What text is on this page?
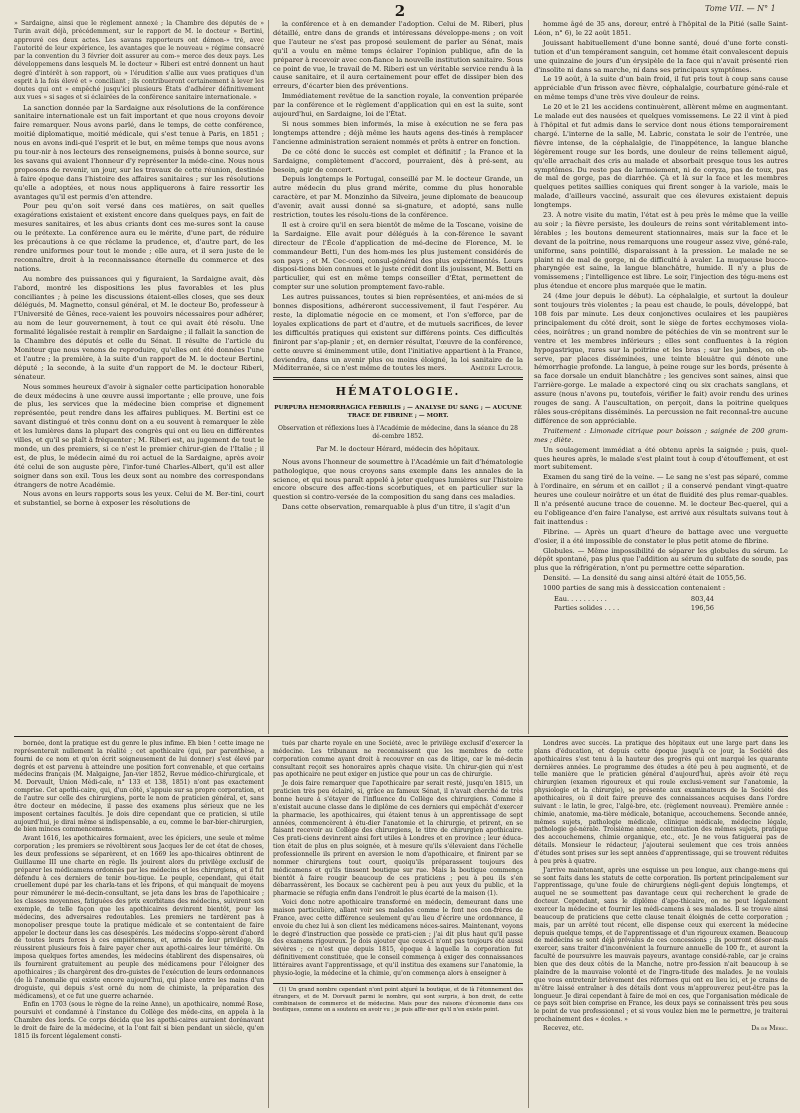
2	Tome VII. — N° 1

» Sardaigne, ainsi que le règlement annexé ; la Chambre des députés de » Turin avait déjà, précédemment, sur le rapport de M. le docteur » Bertini, approuvé ces deux actes. Les savans rapporteurs ont démon-» tré, avec l'autorité de leur expérience, les avantages que le nouveau » régime consacré par la convention du 3 février doit assurer au com-» merce des deux pays. Les développemens dans lesquels M. le docteur » Riberi est entré donnent un haut degré d'intérêt à son rapport, où » l'érudition s'allie aux vues pratiques d'un esprit à la fois élevé et » conciliant ; ils contribueront certainement à lever les doutes qui ont » empêché jusqu'ici plusieurs États d'adhérer définitivement aux vues » si sages et si éclairées de la conférence sanitaire internationale. »

La sanction donnée par la Sardaigne aux résolutions de la conférence sanitaire internationale est un fait important et que nous croyons devoir faire remarquer. Nous avons parlé, dans le temps, de cette conférence, moitié diplomatique, moitié médicale, qui s'est tenue à Paris, en 1851 ; nous en avons indi-qué l'esprit et le but, en même temps que nous avons pu tour-nir à nos lecteurs des renseignemens, puisés à bonne source, sur les savans qui avaient l'honneur d'y représenter la méde-cine. Nous nous proposons de revenir, un jour, sur les travaux de cette réunion, destinée à faire époque dans l'histoire des affaires sanitaires ; sur les résolutions qu'elle a adoptées, et nous nous appliquerons à faire ressortir les avantages qu'il est permis d'en attendre.

Pour peu qu'on soit versé dans ces matières, on sait quelles exagérations existaient et existent encore dans quelques pays, en fait de mesures sanitaires, et les abus criants dont ces me-sures sont la cause ou le prétexte. La conférence aura eu le mérite, d'une part, de réduire les précautions à ce que réclame la prudence, et, d'autre part, de les rendre uniformes pour tout le monde ; elle aura, et il sera juste de le reconnaître, droit à la reconnaissance éternelle du commerce et des nations.

Au nombre des puissances qui y figuraient, la Sardaigne avait, dès l'abord, montré les dispositions les plus favorables et les plus conciliantes ; à peine les discussions étaient-elles closes, que ses deux délégués, M. Magnetto, consul général, et M. le docteur Bo, professeur à l'Université de Gênes, rece-vaient les pouvoirs nécessaires pour adhérer, au nom de leur gouvernement, à tout ce qui avait été résolu. Une formalité légalisée restait à remplir en Sardaigne ; il fallait la sanction de la Chambre des députés et celle du Sénat. Il résulte de l'article du Moniteur que nous venons de reproduire, qu'elles ont été données l'une et l'autre ; la première, à la suite d'un rapport de M. le docteur Bertini, député ; la seconde, à la suite d'un rapport de M. le docteur Riberi, sénateur.

Nous sommes heureux d'avoir à signaler cette participation honorable de deux médecins à une œuvre aussi importante ; elle prouve, une fois de plus, les services que la médecine bien comprise et dignement représentée, peut rendre dans les affaires publiques. M. Bertini est ce savant distingué et très connu dont on a eu souvent à remarquer le zèle et les lumières dans la plupart des congrès qui ont eu lieu en différentes villes, et qu'il se plaît à fréquenter ; M. Riberi est, au jugement de tout le monde, un des premiers, si ce n'est le premier chirur-gien de l'Italie ; il est, de plus, le médecin aimé du roi actuel de la Sardaigne, après avoir été celui de son auguste père, l'infor-tuné Charles-Albert, qu'il est aller soigner dans son exil. Tous les deux sont au nombre des correspondans étrangers de notre Académie.

Nous avons en leurs rapports sous les yeux. Celui de M. Ber-tini, court et substantiel, se borne à exposer les résolutions de

la conférence et à en demander l'adoption. Celui de M. Riberi, plus détaillé, entre dans de grands et intéressans développe-mens ; on voit que l'auteur ne s'est pas proposé seulement de parler au Sénat, mais qu'il a voulu en même temps éclairer l'opinion publique, afin de la préparer à recevoir avec con-fiance la nouvelle institution sanitaire. Sous ce point de vue, le travail de M. Riberi est un véritable service rendu à la cause sanitaire, et il aura certainement pour effet de dissiper bien des erreurs, d'écarter bien des préventions.

Immédiatement revêtue de la sanction royale, la convention préparée par la conférence et le règlement d'application qui en est la suite, sont aujourd'hui, en Sardaigne, loi de l'État.

Si nous sommes bien informés, la mise à exécution ne se fera pas longtemps attendre ; déjà même les hauts agens des-tinés à remplacer l'ancienne administration seraient nommés et prêts à entrer en fonction.

De ce côté donc le succès est complet et définitif ; la France et la Sardaigne, complètement d'accord, pourraient, dès à pré-sent, au besoin, agir de concert.

Depuis longtemps le Portugal, conseillé par M. le docteur Grande, un autre médecin du plus grand mérite, comme du plus honorable caractère, et par M. Monzinho da Silveira, jeune diplomate de beaucoup d'avenir, avait aussi donné sa si-gnature, et adopté, sans nulle restriction, toutes les résolu-tions de la conférence.

Il est à croire qu'il en sera bientôt de même de la Toscane, voisine de la Sardaigne. Elle avait pour délégués à la con-férence le savant directeur de l'École d'application de mé-decine de Florence, M. le commandeur Betti, l'un des hom-mes les plus justement considérés de son pays ; et M. Cec-coni, consul-général des plus expérimentés. Leurs disposi-tions bien connues et le juste crédit dont ils jouissent, M. Betti en particulier, qui est en même temps conseiller d'État, permettent de compter sur une solution promptement favo-rable.

Les autres puissances, toutes si bien représentées, et ani-mées de si bonnes dispositions, adhéreront successivement, il faut l'espérer. Au reste, la diplomatie négocie en ce moment, et l'on s'efforce, par de loyales explications de part et d'autre, et de mutuels sacrifices, de lever les difficultés pratiques qui existent sur différens points. Ces difficultés finiront par s'ap-planir ; et, en dernier résultat, l'œuvre de la conférence, cette œuvre si éminemment utile, dont l'initiative appartient à la France, deviendra, dans un avenir plus ou moins éloigné, la loi sanitaire de la Méditerranée, si ce n'est même de toutes les mers.	Amédée Latour.

HÉMATOLOGIE.
PURPURA HEMORRHAGICA FEBRILIS ; — ANALYSE DU SANG ; — AUCUNE TRACE DE FIBRINE ; — MORT.
Observation et réflexions lues à l'Académie de médecine, dans la séance du 28 dé-cembre 1852.
Par M. le docteur Hérard, médecin des hôpitaux.

Nous avons l'honneur de soumettre à l'Académie un fait d'hématologie pathologique, que nous croyons sans exemple dans les annales de la science, et qui nous paraît appelé à jeter quelques lumières sur l'histoire encore obscure des affec-tions scorbutiques, et en particulier sur la question si contro-versée de la composition du sang dans ces maladies.

Dans cette observation, remarquable à plus d'un titre, il s'agit d'un

homme âgé de 35 ans, doreur, entré à l'hôpital de la Pitié (salle Saint-Léon, n° 6), le 22 août 1851.

Jouissant habituellement d'une bonne santé, doué d'une forte consti-tution et d'un tempérament sanguin, cet homme était convalescent depuis une quinzaine de jours d'un érysipèle de la face qui n'avait présenté rien d'insolite ni dans sa marche, ni dans ses principaux symptômes.

Le 19 août, à la suite d'un bain froid, il fut pris tout à coup sans cause appréciable d'un frisson avec fièvre, céphalalgie, courbature géné-rale et en même temps d'une très vive douleur de reins.

Le 20 et le 21 les accidens continuèrent, allèrent même en augmentant. Le malade eut des nausées et quelques vomissemens. Le 22 il vint à pied à l'hôpital et fut admis dans le service dont nous étions temporairement chargé. L'interne de la salle, M. Labric, constata le soir de l'entrée, une fièvre intense, de la céphalalgie, de l'inappétence, la langue blanche légèrement rouge sur les bords, une douleur de reins tellement aiguë, qu'elle arrachait des cris au malade et absorbait presque tous les autres symptômes. Du reste pas de larmoiement, ni de coryza, pas de toux, pas de mal de gorge, pas de diarrhée. Çà et là sur la face et les membres quelques petites saillies coniques qui firent songer à la variole, mais le malade, d'ailleurs vacciné, assurait que ces élevures existaient depuis longtemps.

23. À notre visite du matin, l'état est à peu près le même que la veille au soir ; la fièvre persiste, les douleurs de reins sont véritablement into-lérables ; les boutons demeurent stationnaires, mais sur la face et le devant de la poitrine, nous remarquons une rougeur assez vive, géné-rale, uniforme, sans pointillé, disparaissant à la pression. Le malade ne se plaint ni de mal de gorge, ni de difficulté à avaler. La muqueuse bucco-pharyngée est saine, la langue blanchâtre, humide. Il n'y a plus de vomissemens ; l'intelligence est libre. Le soir, l'injection des tégu-mens est plus étendue et encore plus marquée que le matin.

24 (4me jour depuis le début). La céphalalgie, et surtout la douleur sont toujours très violentes ; la peau est chaude, le pouls, développé, bat 108 fois par minute. Les deux conjonctives oculaires et les paupières principalement du côté droit, sont le siège de fortes ecchymoses viola-cées, noirâtres ; un grand nombre de pétéchies de vin se montrent sur le ventre et les membres inférieurs ; elles sont confluentes à la région hypogastrique, rares sur la poitrine et les bras ; sur les jambes, on ob-serve, par places disséminées, une teinte bleuâtre qui dénote une hémorrhagie profonde. La langue, à peine rouge sur les bords, présente à sa face dorsale un enduit blanchâtre ; les gencives sont saines, ainsi que l'arrière-gorge. Le malade a expectoré cinq ou six crachats sanglans, et assure (nous n'avons pu, toutefois, vérifier le fait) avoir rendu des urines rouges de sang. À l'auscultation, on perçoit, dans la poitrine quelques râles sous-crépitans disséminés. La percussion ne fait reconnaî-tre aucune différence de son appréciable.

Traitement : Limonade citrique pour boisson ; saignée de 200 gram-mes ; diète.

Un soulagement immédiat a été obtenu après la saignée ; puis, quel-ques heures après, le malade s'est plaint tout à coup d'étouffement, et est mort subitement.

Examen du sang tiré de la veine. — Le sang ne s'est pas séparé, comme à l'ordinaire, en sérum et en caillot ; il a conservé pendant vingt-quatre heures une couleur noirâtre et un état de fluidité des plus remar-quables. Il n'a présenté aucune trace de couenne. M. le docteur Bec-querel, qui a eu l'obligeance d'en faire l'analyse, est arrivé aux résultats suivans tout à fait inattendus :

Fibrine. — Après un quart d'heure de battage avec une verguette d'osier, il a été impossible de constater le plus petit atome de fibrine.

Globules. — Même impossibilité de séparer les globules du sérum. Le dépôt spontané, pas plus que l'addition au sérum du sulfate de soude, pas plus que la réfrigération, n'ont pu permettre cette séparation.

Densité. — La densité du sang ainsi altéré était de 1055,56.

1000 parties de sang mis à dessiccation contenaient :

Eau. . . . . . . . . .	803,44
Parties solides . . . .	196,56

bornée, dont la pratique est du genre le plus infime. Eh bien ! cette image ne représenterait nullement la réalité ; cet apothicaire (qui, par parenthèse, a fourni de ce nom et qu'on écrit soigneusement de lui donner) s'est élevé par degrés et est parvenu à atteindre une position fort convenable, et que certains médecins français (M. Malgaigne, Jan-vier 1852, Revue médico-chirurgicale, et M. Dorvault, Union Médi-cale, n° 133 et 138, 1851) n'ont pas exactement comprise. Cet apothi-caire, qui, d'un côté, s'appuie sur sa propre corporation, et de l'autre sur celle des chirurgiens, porte le nom de praticien général, et, sans être docteur en médecine, il passe des examens plus sérieux que ne les imposent certaines facultés. Je dois dire cependant que ce praticien, si utile aujourd'hui, je dirai même si indispensable, a eu, comme le bar-bier-chirurgien, de bien minces commencemens.

Avant 1616, les apothicaires formaient, avec les épiciers, une seule et même corporation ; les premiers se révoltèrent sous Jacques Ier de cet état de choses, les deux professions se séparèrent, et en 1669 les apo-thicaires obtinrent de Guillaume III une charte en règle. Ils jouirent alors du privilège exclusif de préparer les médicamens ordonnés par les médecins et les chirurgiens, et il fut défendu à ces derniers de tenir bou-tique. Le peuple, cependant, qui était cruellement dupé par les charla-tans et les fripons, et qui manquait de moyens pour rémunérer le mé-decin-consultant, se jeta dans les bras de l'apothicaire ; les classes moyennes, fatiguées des prix exorbitans des médecins, suivirent son exemple, de telle façon que les apothicaires devinrent bientôt, pour les médecins, des adversaires redoutables. Les premiers ne tardèrent pas à monopoliser presque toute la pratique médicale et se contentaient de faire appeler le docteur dans les cas désespérés. Les médecins s'oppo-sèrent d'abord de toutes leurs forces à ces empiètemens, et, armés de leur privilège, ils réussirent plusieurs fois à faire payer cher aux apothi-caires leur témérité. On imposa quelques fortes amendes, les médecins établirent des dispensaires, où ils fournirent gratuitement au peuple des médicamens pour l'éloigner des apothicaires ; ils chargèrent des dro-guistes de l'exécution de leurs ordonnances (de là l'anomalie qui existe encore aujourd'hui, qui place entre les mains d'un droguiste, qui depuis s'est orné du nom de chimiste, la préparation des médicamens), et ce fut une guerre acharnée.

Enfin en 1703 (sous le règne de la reine Anne), un apothicaire, nommé Rose, poursuivi et condamné à l'instance du Collège des méde-cins, en appela à la Chambre des lords. Ce corps décida que les apothi-caires auraient dorénavant le droit de faire de la médecine, et la l'ont fait si bien pendant un siècle, qu'en 1815 ils forcent légalement consti-

tués par charte royale en une Société, avec le privilège exclusif d'exercer la médecine. Les tribunaux ne reconnaissent que les membres de cette corporation comme ayant droit à recouvrer en cas de litige, car le mé-decin consultant reçoit ses honoraires après chaque visite. Un chirur-gien qui n'est pas apothicaire ne peut exiger en justice que pour un cas de chirurgie.

Je dois faire remarquer que l'apothicaire par serait resté, jusqu'en 1815, un praticien très peu éclairé, si, grâce au fameux Sénat, il n'avait cherché de très bonne heure à s'étayer de l'influence du Collège des chirurgiens. Comme il n'existait aucune classe dans le diplôme de ces derniers qui empêchât d'exercer la pharmacie, les apothicaires, qui étaient tenus à un apprentissage de sept années, commencèrent à étu-dier l'anatomie et la chirurgie, et prirent, en se faisant recevoir au Collège des chirurgiens, le titre de chirurgien apothicaire. Ces prati-ciens devinrent ainsi fort utiles à Londres et en province ; leur éduca-tion était de plus en plus soignée, et à mesure qu'ils s'élevaient dans l'échelle professionnelle ils prirent en aversion le nom d'apothicaire, et finirent par se nommer chirurgiens tout court, quoiqu'ils préparassent toujours des médicamens et qu'ils tinssent boutique sur rue. Mais la boutique commença bientôt à faire rougir beaucoup de ces praticiens ; peu à peu ils s'en débarrassèrent, les bocaux se cachèrent peu à peu aux yeux du public, et la pharmacie se réfugia enfin dans l'endroit le plus écarté de la maison (1).

Voici donc notre apothicaire transformé en médecin, demeurant dans une maison particulière, allant voir ses malades comme le font nos con-frères de France, avec cette différence seulement qu'au lieu d'écrire une ordonnance, il envoie du chez lui à son client les médicamens néces-saires. Maintenant, voyons le degré d'instruction que possède ce prati-cien ; j'ai dit plus haut qu'il passe des examens rigoureux. Je dois ajouter que ceux-ci n'ont pas toujours été aussi sévères ; ce n'est que depuis 1815, époque à laquelle la corporation fut définitivement constituée, que le conseil commença à exiger des connaissances littéraires avant l'apprentissage, et qu'il institua des examens sur l'anatomie, la physio-logie, la médecine et la chimie, qu'on commença alors à enseigner à

(1) Un grand nombre cependant n'ont point abjuré la boutique, et de là l'étonnement des étrangers, et de M. Dorvault parmi le nombre, qui sont surpris, à bon droit, de cette combinaison de commerce et de médecine. Mais pour des raisons d'économie dans ces boutiques, comme on a soutenu en avoir vu ; je puis affir-mer qu'il n'en existe point.

Londres avec succès. La pratique des hôpitaux eut une large part dans les plans d'éducation, et depuis cette époque jusqu'à ce jour, la Société des apothicaires s'est tenu à la hauteur des progrès qui ont marqué les quarante dernières années. Le programme des études a été peu à peu augmenté, et de telle manière que le praticien général d'aujourd'hui, après avoir été reçu chirurgien (examen rigoureux et qui roule exclusi-vement sur l'anatomie, la physiologie et la chirurgie), se présente aux examinateurs de la Société des apothicaires, où il doit faire preuve des connaissances acquises dans l'ordre suivant : le latin, le grec, l'algè-bre, etc. (règlement nouveau). Première année : chimie, anatomie, ma-tière médicale, botanique, accouchemens. Seconde année, mêmes sujets, pathologie médicale, clinique médicale, médecine légale, pathologie gé-nérale. Troisième année, continuation des mêmes sujets, pratique des accouchemens, chimie organique, etc., etc. Je ne vous fatiguerai pas de détails. Monsieur le rédacteur, j'ajouterai seulement que ces trois années d'études sont prises sur les sept années d'apprentissage, qui se trouvent réduites à peu près à quatre.

J'arrive maintenant, après une esquisse un peu longue, aux change-mens qui se sont faits dans les statuts de cette corporation. Ils portent principalement sur l'apprentissage, qu'une foule de chirurgiens négli-gent depuis longtemps, et auquel ne se soumettent pas davantage ceux qui recherchent le grade de docteur. Cependant, sans le diplôme d'apo-thicaire, on ne peut légalement exercer la médecine et fournir les médi-camens à ses malades. Il se trouve ainsi beaucoup de praticiens que cette clause tenait éloignés de cette corporation ; mais, par un arrêté tout récent, elle dispense ceux qui exercent la médecine depuis quelque temps, et de l'apprentissage et d'un rigoureux examen. Beaucoup de médecins se sont déjà prévalus de ces concessions ; ils pourront désor-mais exercer, sans traiter d'inconvénient la fournure annuelle de 100 fr., et auront la faculté de poursuivre les mauvais payeurs, avantage considé-rable, car je crains bien que des deux côtés de la Manche, notre pro-fession n'ait beaucoup à se plaindre de la mauvaise volonté et de l'ingra-titude des malades. Je ne voulais que vous entretenir brièvement des réformes qui ont eu lieu ici, et je crains de m'être laissé entraîner à des détails dont vous m'approuverez peut-être pas la longueur. Je dirai cependant à faire de moi en ces, que l'organisation médicale de ce pays soit bien comprise en France, les deux pays se connaissent très peu sous le point de vue professionnel ; et si vous voulez bien me le permettre, je traiterai prochainement des « écoles. »

Recevez, etc.	Dr de Méric.
